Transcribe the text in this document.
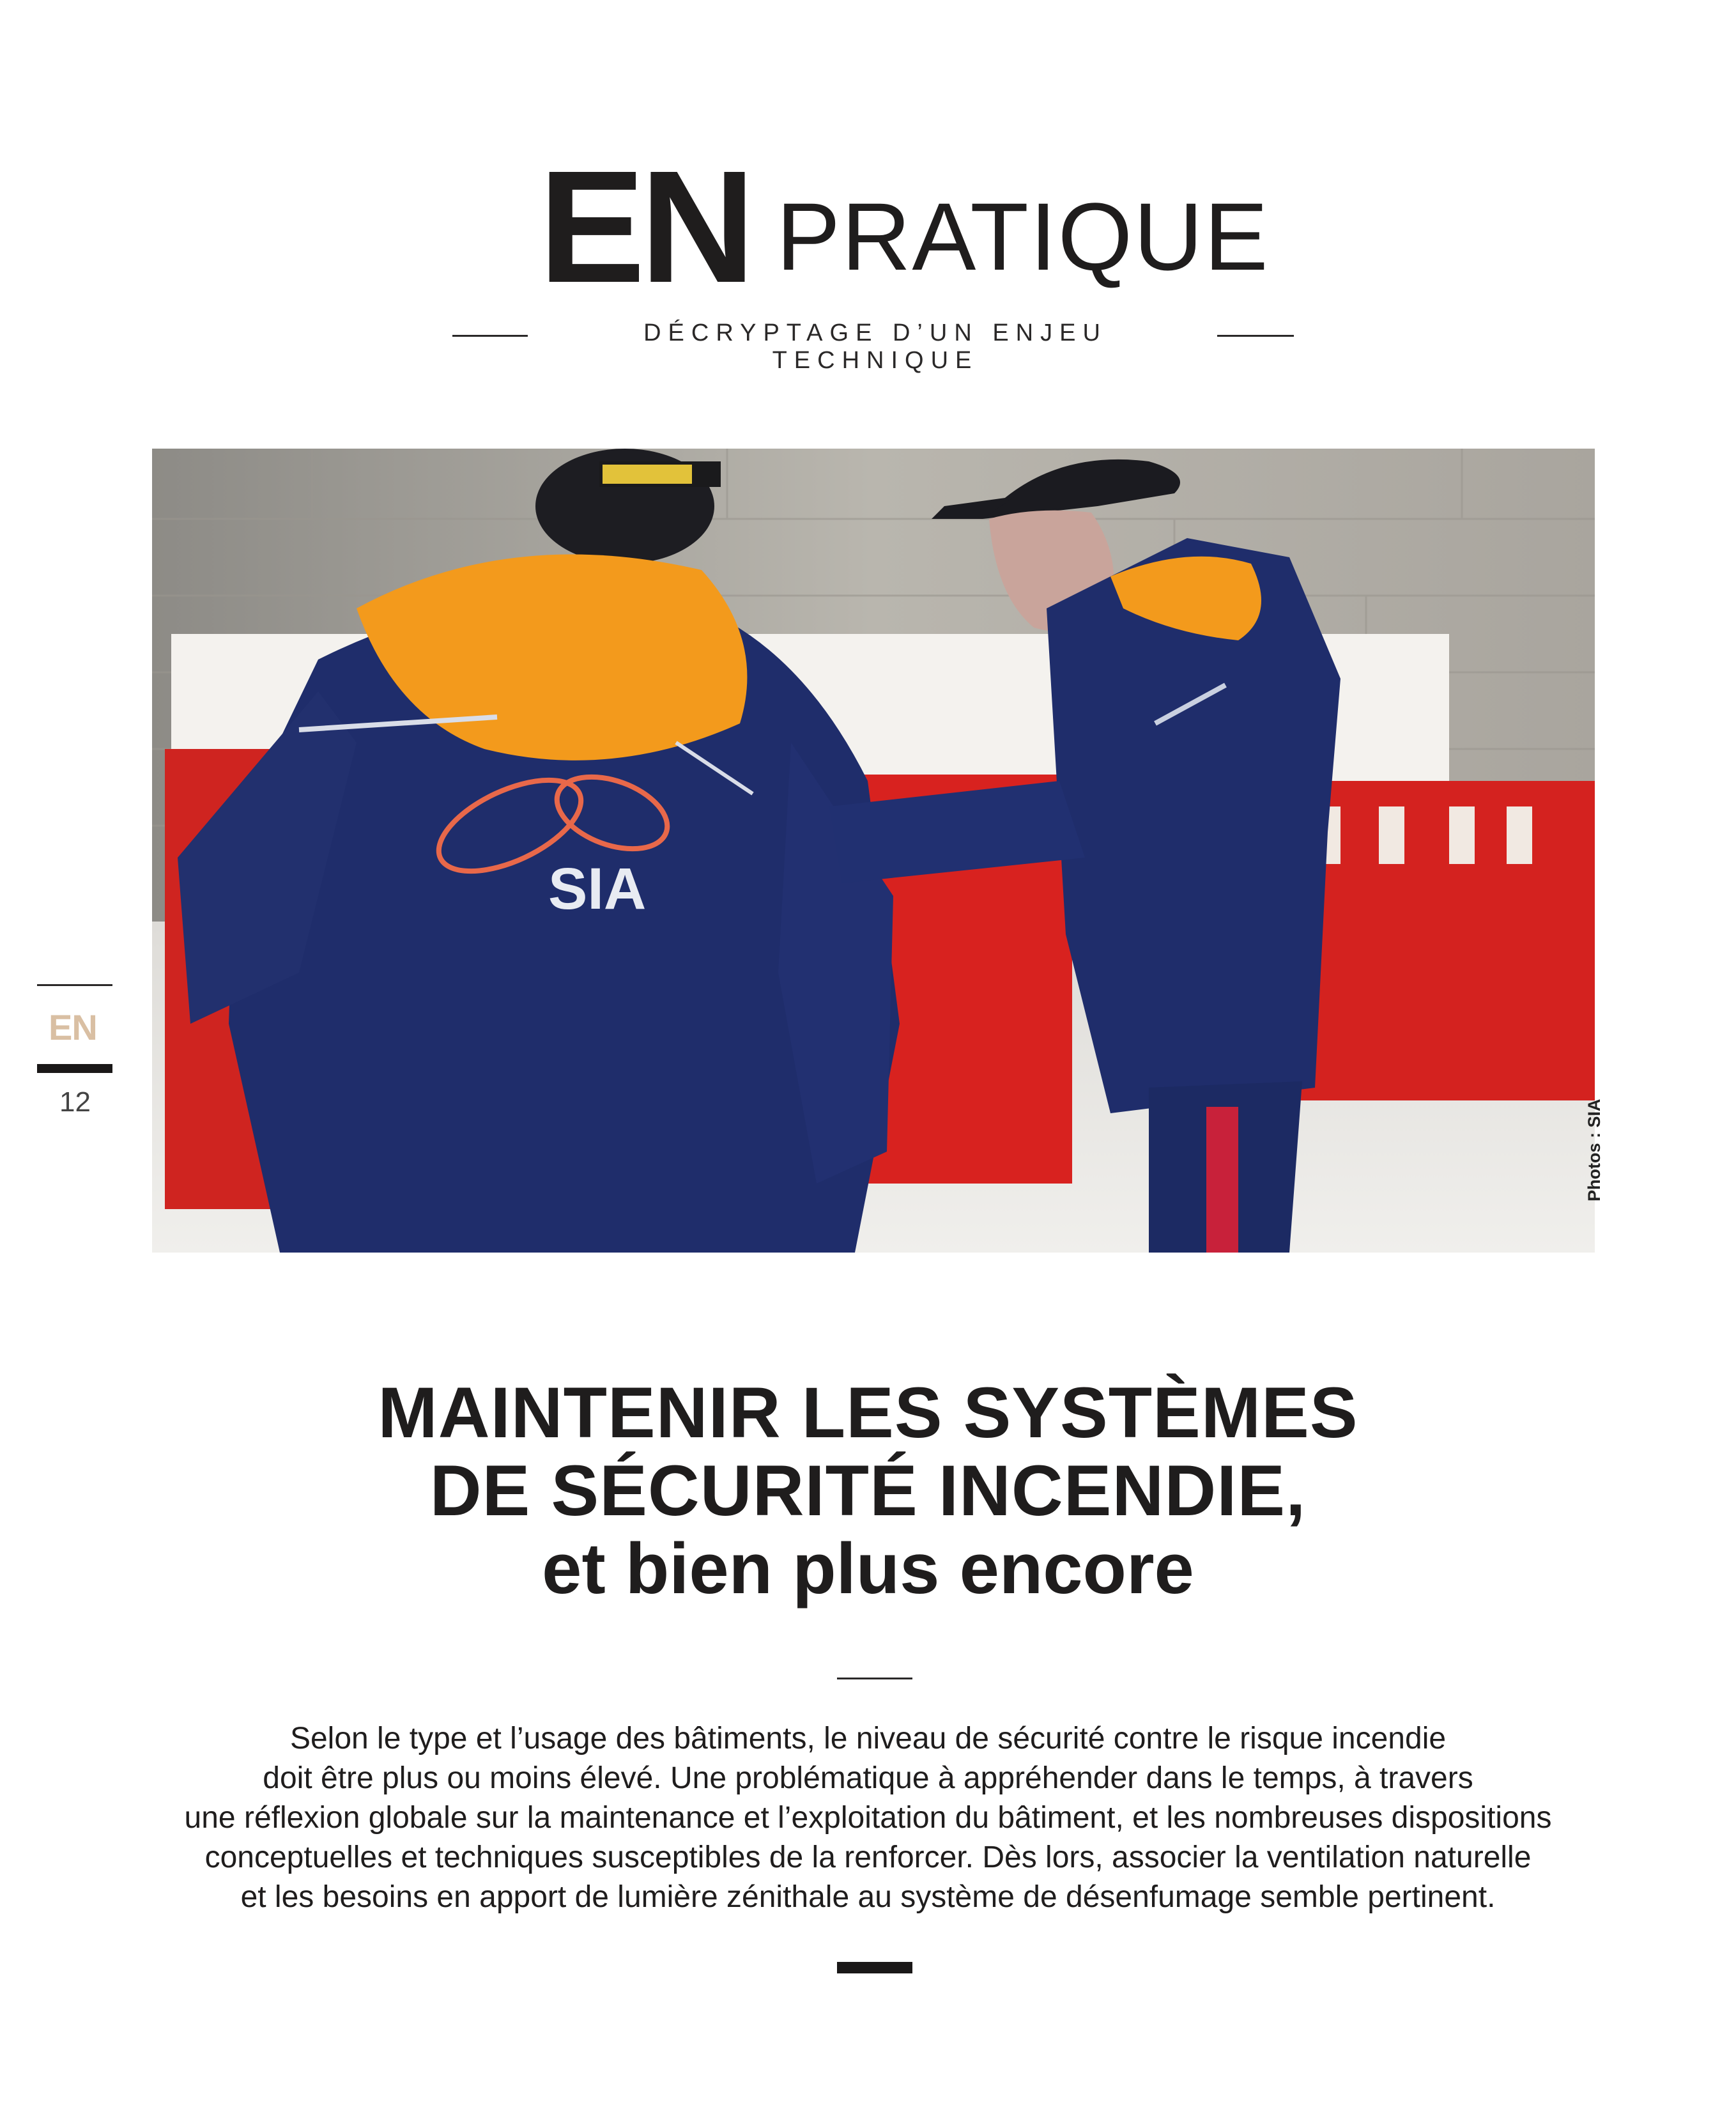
EN PRATIQUE
DÉCRYPTAGE D’UN ENJEU TECHNIQUE
SIA
Photos : SIA
EN
12
MAINTENIR LES SYSTÈMES
DE SÉCURITÉ INCENDIE,
et bien plus encore
Selon le type et l’usage des bâtiments, le niveau de sécurité contre le risque incendie
doit être plus ou moins élevé. Une problématique à appréhender dans le temps, à travers
une réflexion globale sur la maintenance et l’exploitation du bâtiment, et les nombreuses dispositions
conceptuelles et techniques susceptibles de la renforcer. Dès lors, associer la ventilation naturelle
et les besoins en apport de lumière zénithale au système de désenfumage semble pertinent.
